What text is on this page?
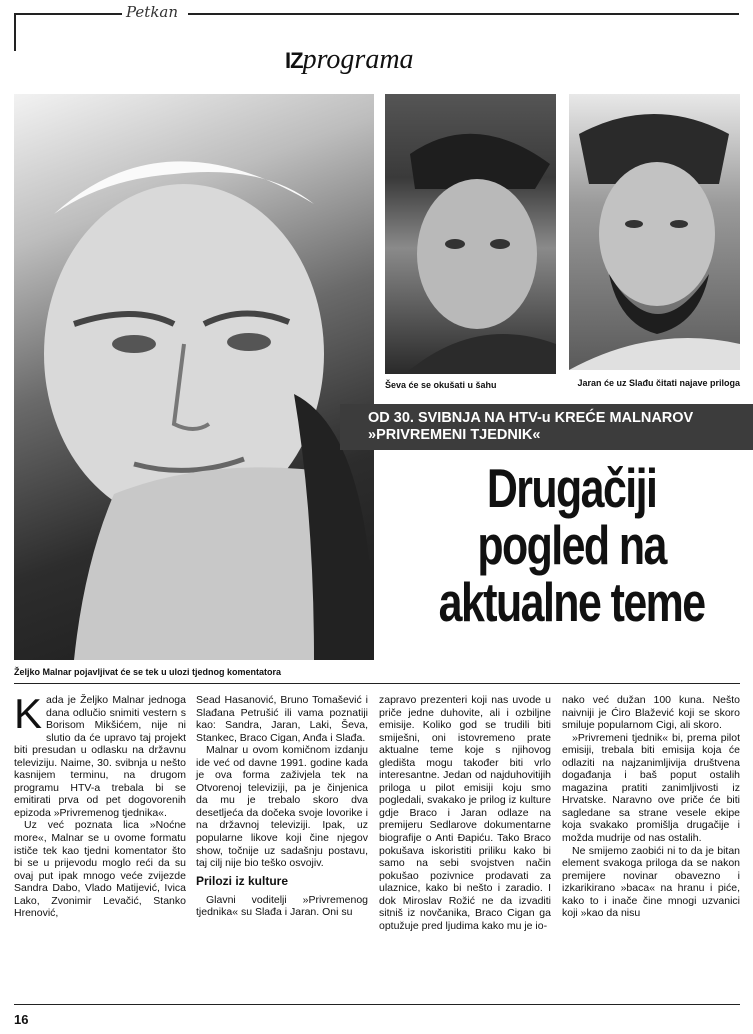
Petkan
IZprograma
Ševa će se okušati u šahu	Jaran će uz Slađu čitati najave priloga
OD 30. SVIBNJA NA HTV-u KREĆE MALNAROV »PRIVREMENI TJEDNIK«
Drugačiji
pogled na
aktualne teme
Željko Malnar pojavljivat će se tek u ulozi tjednog komentatora

Kada je Željko Malnar jednoga dana odlučio snimiti vestern s Borisom Mikšićem, nije ni slutio da će upravo taj projekt biti presudan u odlasku na državnu televiziju. Naime, 30. svibnja u nešto kasnijem terminu, na drugom programu HTV-a trebala bi se emitirati prva od pet dogovorenih epizoda »Privremenog tjednika«.

Uz već poznata lica »Noćne more«, Malnar se u ovome formatu ističe tek kao tjedni komentator što bi se u prijevodu moglo reći da su ovaj put ipak mnogo veće zvijezde Sandra Dabo, Vlado Matijević, Ivica Lako, Zvonimir Levačić, Stanko Hrenović,

Sead Hasanović, Bruno Tomašević i Slađana Petrušić ili vama poznatiji kao: Sandra, Jaran, Laki, Ševa, Stankec, Braco Cigan, Anđa i Slađa.

Malnar u ovom komičnom izdanju ide već od davne 1991. godine kada je ova forma zaživjela tek na Otvorenoj televiziji, pa je činjenica da mu je trebalo skoro dva desetljeća da dočeka svoje lovorike i na državnoj televiziji. Ipak, uz popularne likove koji čine njegov show, točnije uz sadašnju postavu, taj cilj nije bio teško osvojiv.

Prilozi iz kulture

Glavni voditelji »Privremenog tjednika« su Slađa i Jaran. Oni su

zapravo prezenteri koji nas uvode u priče jedne duhovite, ali i ozbiljne emisije. Koliko god se trudili biti smiješni, oni istovremeno prate aktualne teme koje s njihovog gledišta mogu također biti vrlo interesantne. Jedan od najduhovitijih priloga u pilot emisiji koju smo pogledali, svakako je prilog iz kulture gdje Braco i Jaran odlaze na premijeru Sedlarove dokumentarne biografije o Anti Đapiću. Tako Braco pokušava iskoristiti priliku kako bi samo na sebi svojstven način pokušao pozivnice prodavati za ulaznice, kako bi nešto i zaradio. I dok Miroslav Rožić ne da izvaditi sitniš iz novčanika, Braco Cigan ga optužuje pred ljudima kako mu je io-

nako već dužan 100 kuna. Nešto naivniji je Ćiro Blažević koji se skoro smiluje popularnom Cigi, ali skoro.

»Privremeni tjednik« bi, prema pilot emisiji, trebala biti emisija koja će odlaziti na najzanimljivija društvena događanja i baš poput ostalih magazina pratiti zanimljivosti iz Hrvatske. Naravno ove priče će biti sagledane sa strane vesele ekipe koja svakako promišlja drugačije i možda mudrije od nas ostalih.

Ne smijemo zaobići ni to da je bitan element svakoga priloga da se nakon premijere novinar obavezno i izkarikirano »baca« na hranu i piće, kako to i inače čine mnogi uzvanici koji »kao da nisu

16
